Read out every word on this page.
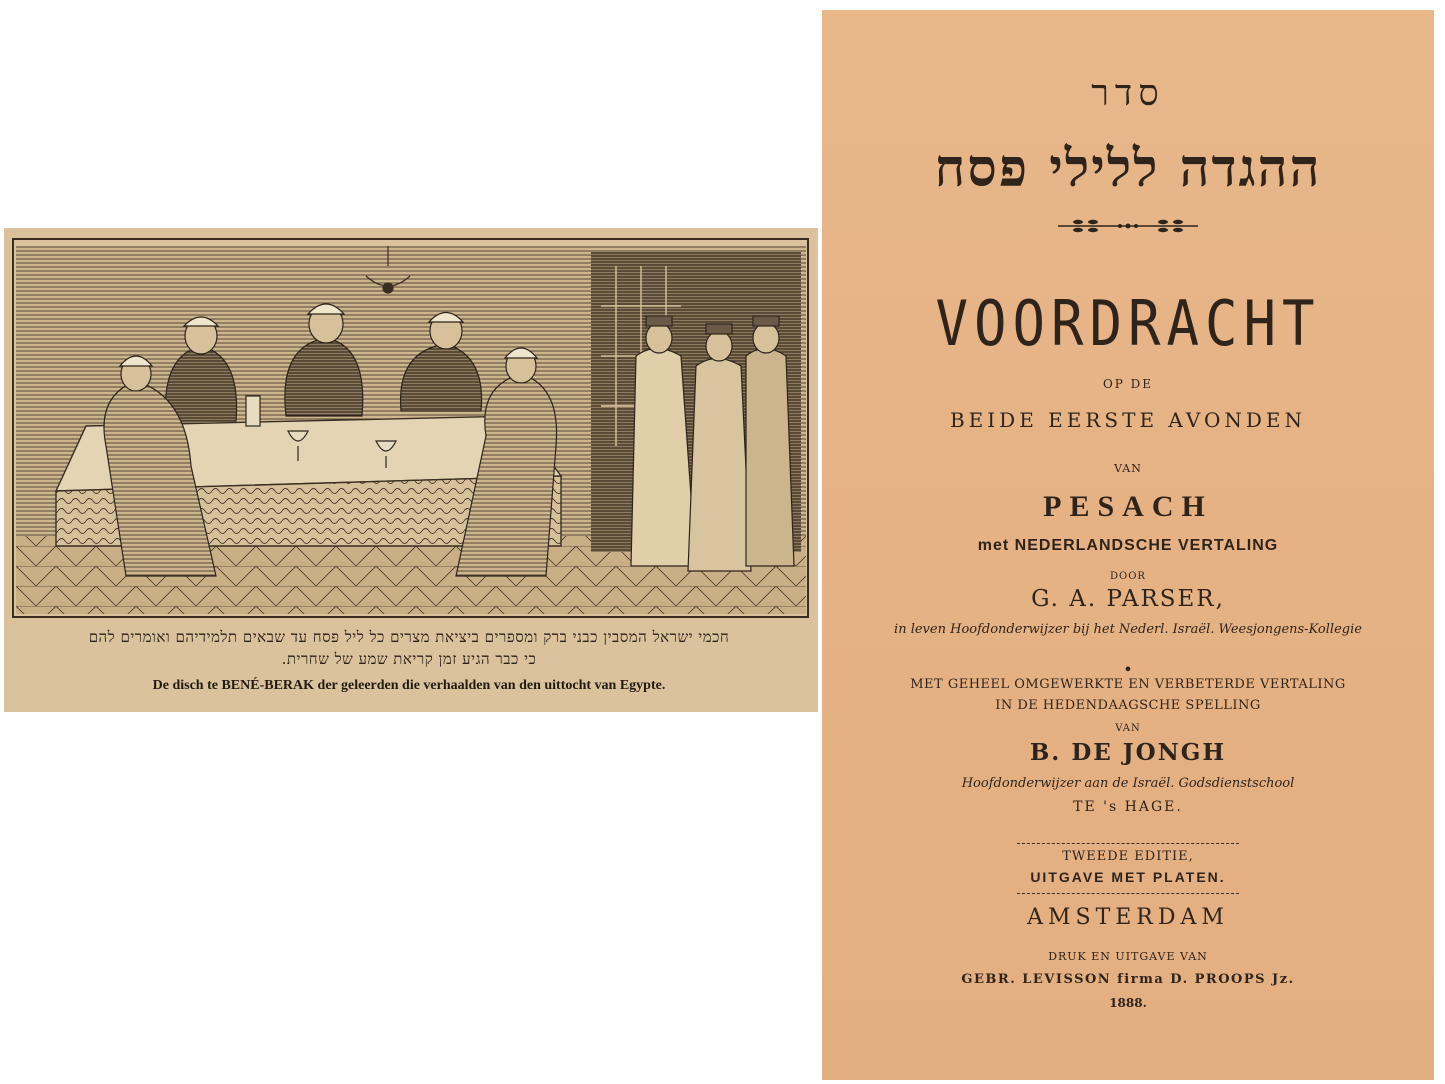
חכמי ישראל המסבין כבני ברק ומספרים ביציאת מצרים כל ליל פסח עד שבאים תלמידיהם ואומרים להם
כי כבר הגיע זמן קריאת שמע של שחרית.
De disch te BENÉ-BERAK der geleerden die verhaalden van den uittocht van Egypte.
סדר
ההגדה ללילי פסח
VOORDRACHT
OP DE
BEIDE EERSTE AVONDEN
VAN
PESACH
met NEDERLANDSCHE VERTALING
DOOR
G. A. PARSER,
in leven Hoofdonderwijzer bij het Nederl. Israël. Weesjongens-Kollegie
•
MET GEHEEL OMGEWERKTE EN VERBETERDE VERTALING
IN DE HEDENDAAGSCHE SPELLING
VAN
B. DE JONGH
Hoofdonderwijzer aan de Israël. Godsdienstschool
TE 's HAGE.
TWEEDE EDITIE,
UITGAVE MET PLATEN.
AMSTERDAM
DRUK EN UITGAVE VAN
GEBR. LEVISSON firma D. PROOPS Jz.
1888.
